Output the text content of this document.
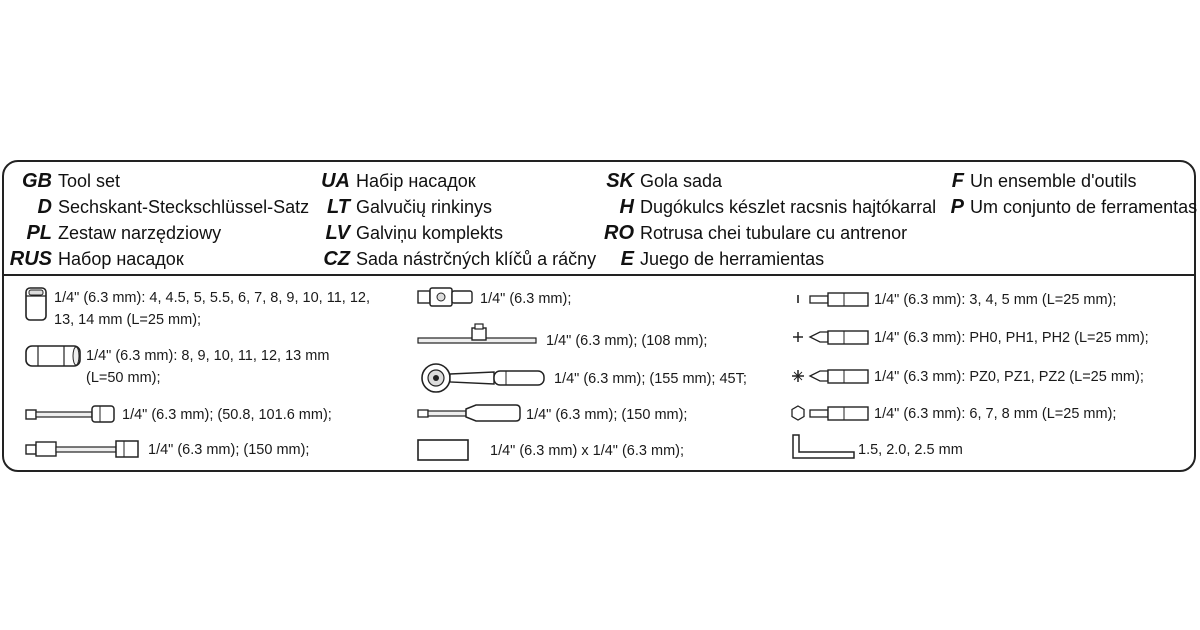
GB Tool set
D Sechskant-Steckschlüssel-Satz
PL Zestaw narzędziowy
RUS Набор насадок
UA Набір насадок
LT Galvučių rinkinys
LV Galviņu komplekts
CZ Sada nástrčných klíčů a ráčny
SK Gola sada
H Dugókulcs készlet racsnis hajtókarral
RO Rotrusa chei tubulare cu antrenor
E Juego de herramientas
F Un ensemble d'outils
P Um conjunto de ferramentas
1/4" (6.3 mm): 4, 4.5, 5, 5.5, 6, 7, 8, 9, 10, 11, 12,
13, 14 mm (L=25 mm);
1/4" (6.3 mm): 8, 9, 10, 11, 12, 13 mm
(L=50 mm);
1/4" (6.3 mm); (50.8, 101.6 mm);
1/4" (6.3 mm); (150 mm);
1/4" (6.3 mm);
1/4" (6.3 mm); (108 mm);
1/4" (6.3 mm); (155 mm); 45T;
1/4" (6.3 mm); (150 mm);
1/4" (6.3 mm) x 1/4" (6.3 mm);
1/4" (6.3 mm): 3, 4, 5 mm (L=25 mm);
1/4" (6.3 mm): PH0, PH1, PH2 (L=25 mm);
1/4" (6.3 mm): PZ0, PZ1, PZ2 (L=25 mm);
1/4" (6.3 mm): 6, 7, 8 mm (L=25 mm);
1.5, 2.0, 2.5 mm
